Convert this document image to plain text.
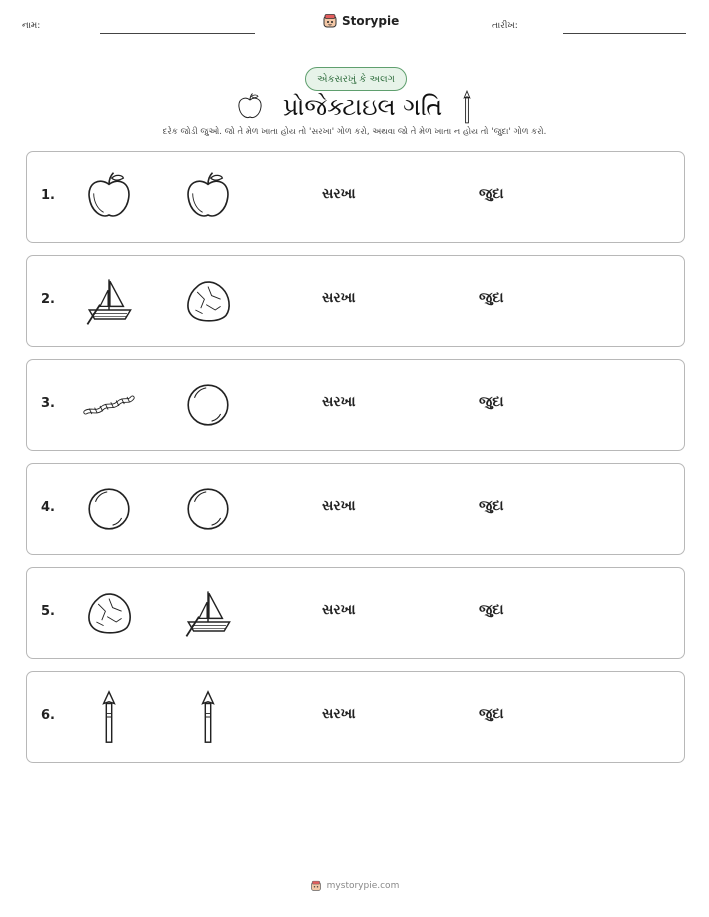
નામ:	Storypie	તારીખ:
એકસરખું કે અલગ
પ્રોજેક્ટાઇલ ગતિ
દરેક જોડી જુઓ. જો તે મેળ ખાતા હોય તો 'સરખા' ગોળ કરો, અથવા જો તે મેળ ખાતા ન હોય તો 'જુદા' ગોળ કરો.
1.	સરખા	જુદા
2.	સરખા	જુદા
3.	સરખા	જુદા
4.	સરખા	જુદા
5.	સરખા	જુદા
6.	સરખા	જુદા
mystorypie.com
